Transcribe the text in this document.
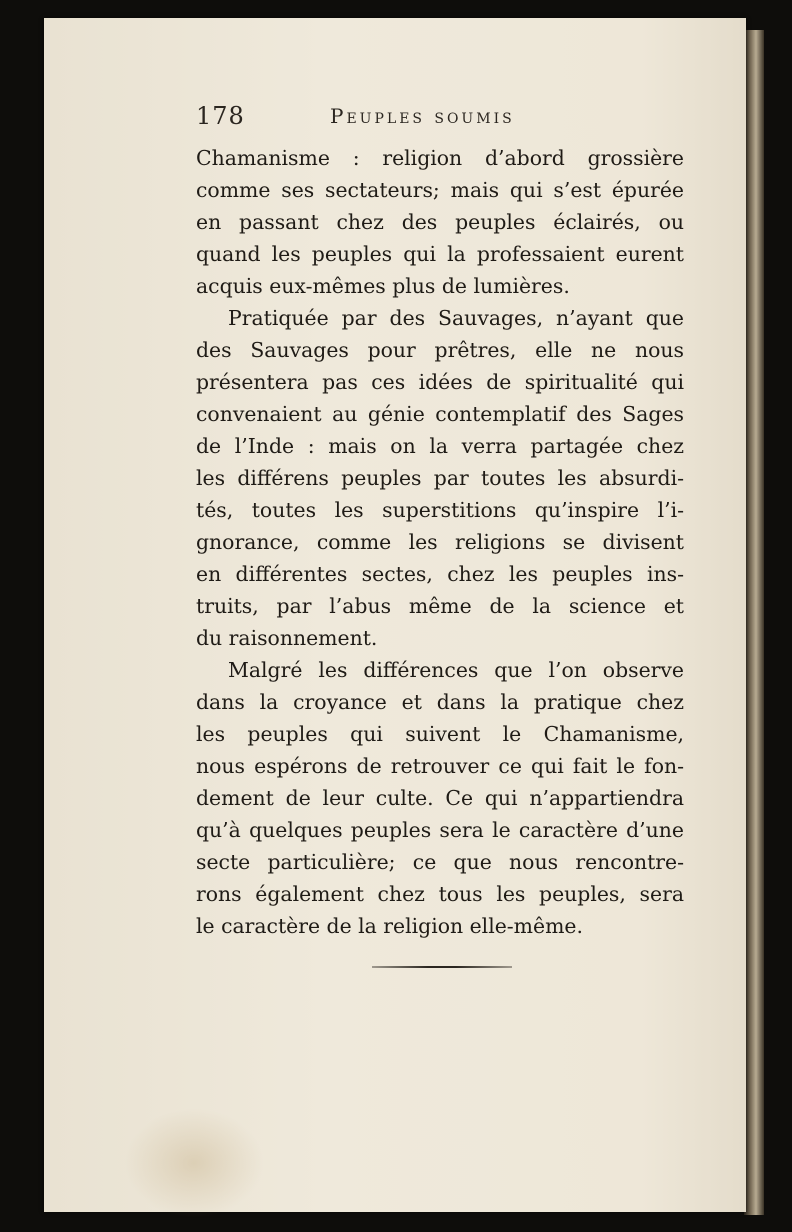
178	Peuples soumis
Chamanisme : religion d’abord grossière
comme ses sectateurs; mais qui s’est épurée
en passant chez des peuples éclairés, ou
quand les peuples qui la professaient eurent
acquis eux-mêmes plus de lumières.
Pratiquée par des Sauvages, n’ayant que
des Sauvages pour prêtres, elle ne nous
présentera pas ces idées de spiritualité qui
convenaient au génie contemplatif des Sages
de l’Inde : mais on la verra partagée chez
les différens peuples par toutes les absurdi-
tés, toutes les superstitions qu’inspire l’i-
gnorance, comme les religions se divisent
en différentes sectes, chez les peuples ins-
truits, par l’abus même de la science et
du raisonnement.
Malgré les différences que l’on observe
dans la croyance et dans la pratique chez
les peuples qui suivent le Chamanisme,
nous espérons de retrouver ce qui fait le fon-
dement de leur culte. Ce qui n’appartiendra
qu’à quelques peuples sera le caractère d’une
secte particulière; ce que nous rencontre-
rons également chez tous les peuples, sera
le caractère de la religion elle-même.
